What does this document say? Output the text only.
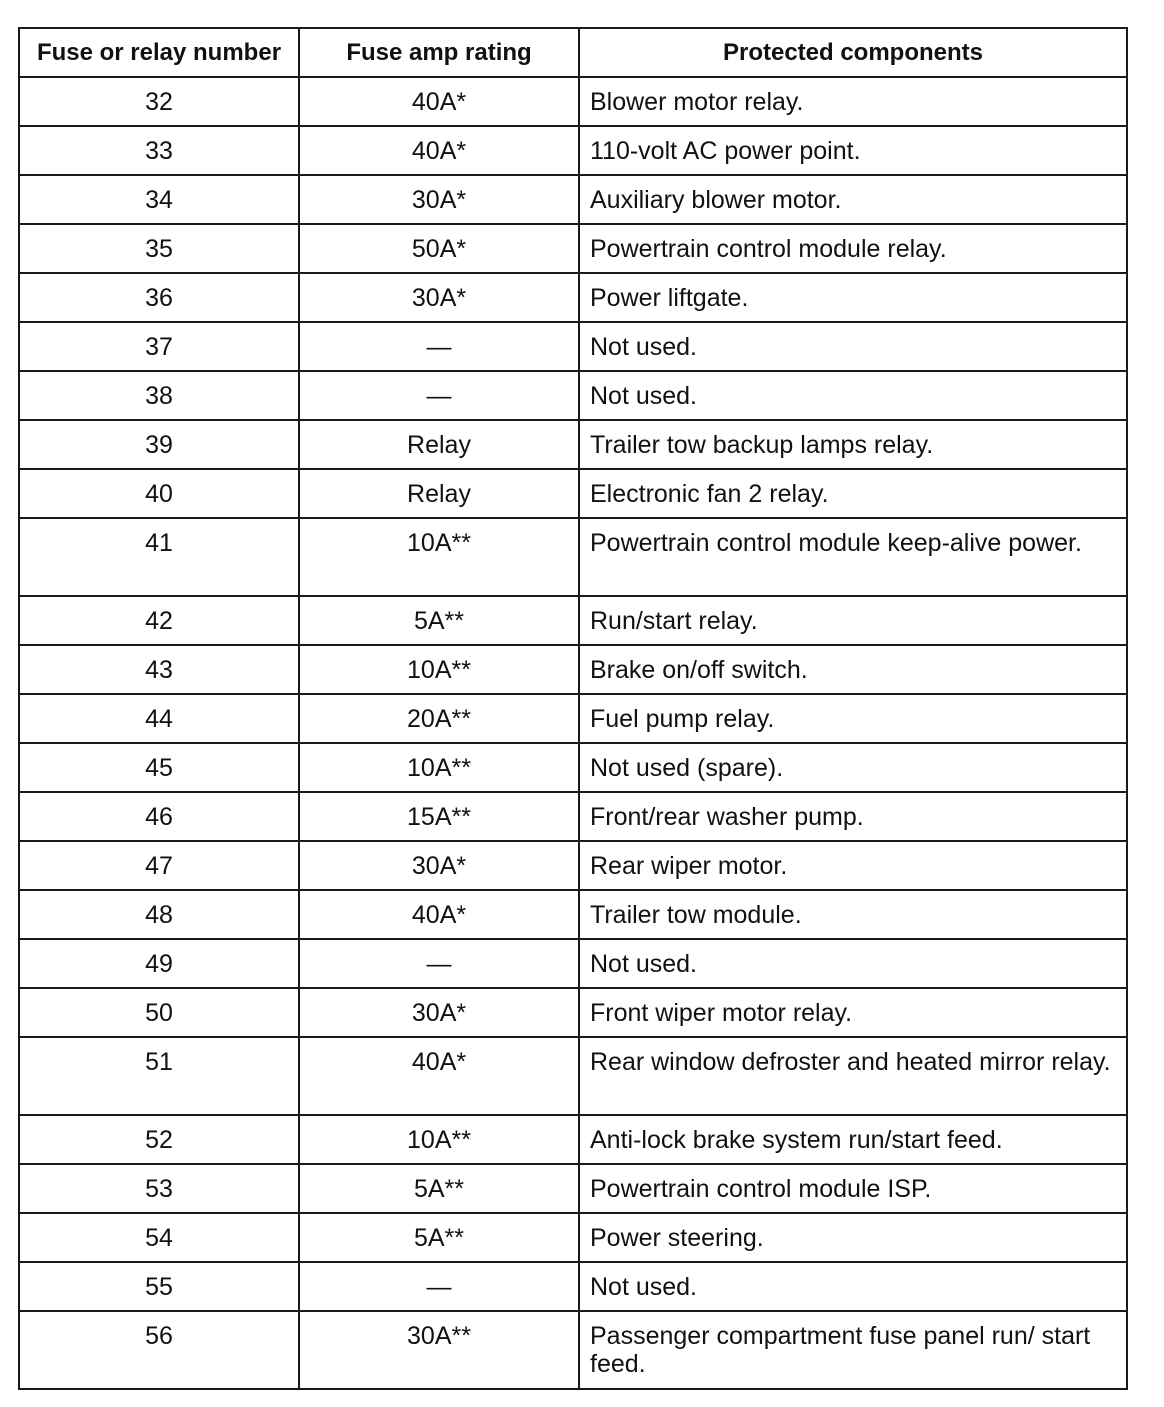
Fuse or relay number	Fuse amp rating	Protected components
32	40A*	Blower motor relay.
33	40A*	110-volt AC power point.
34	30A*	Auxiliary blower motor.
35	50A*	Powertrain control module relay.
36	30A*	Power liftgate.
37	—	Not used.
38	—	Not used.
39	Relay	Trailer tow backup lamps relay.
40	Relay	Electronic fan 2 relay.
41	10A**	Powertrain control module keep-alive power.
42	5A**	Run/start relay.
43	10A**	Brake on/off switch.
44	20A**	Fuel pump relay.
45	10A**	Not used (spare).
46	15A**	Front/rear washer pump.
47	30A*	Rear wiper motor.
48	40A*	Trailer tow module.
49	—	Not used.
50	30A*	Front wiper motor relay.
51	40A*	Rear window defroster and heated mirror relay.
52	10A**	Anti-lock brake system run/start feed.
53	5A**	Powertrain control module ISP.
54	5A**	Power steering.
55	—	Not used.
56	30A**	Passenger compartment fuse panel run/ start feed.
